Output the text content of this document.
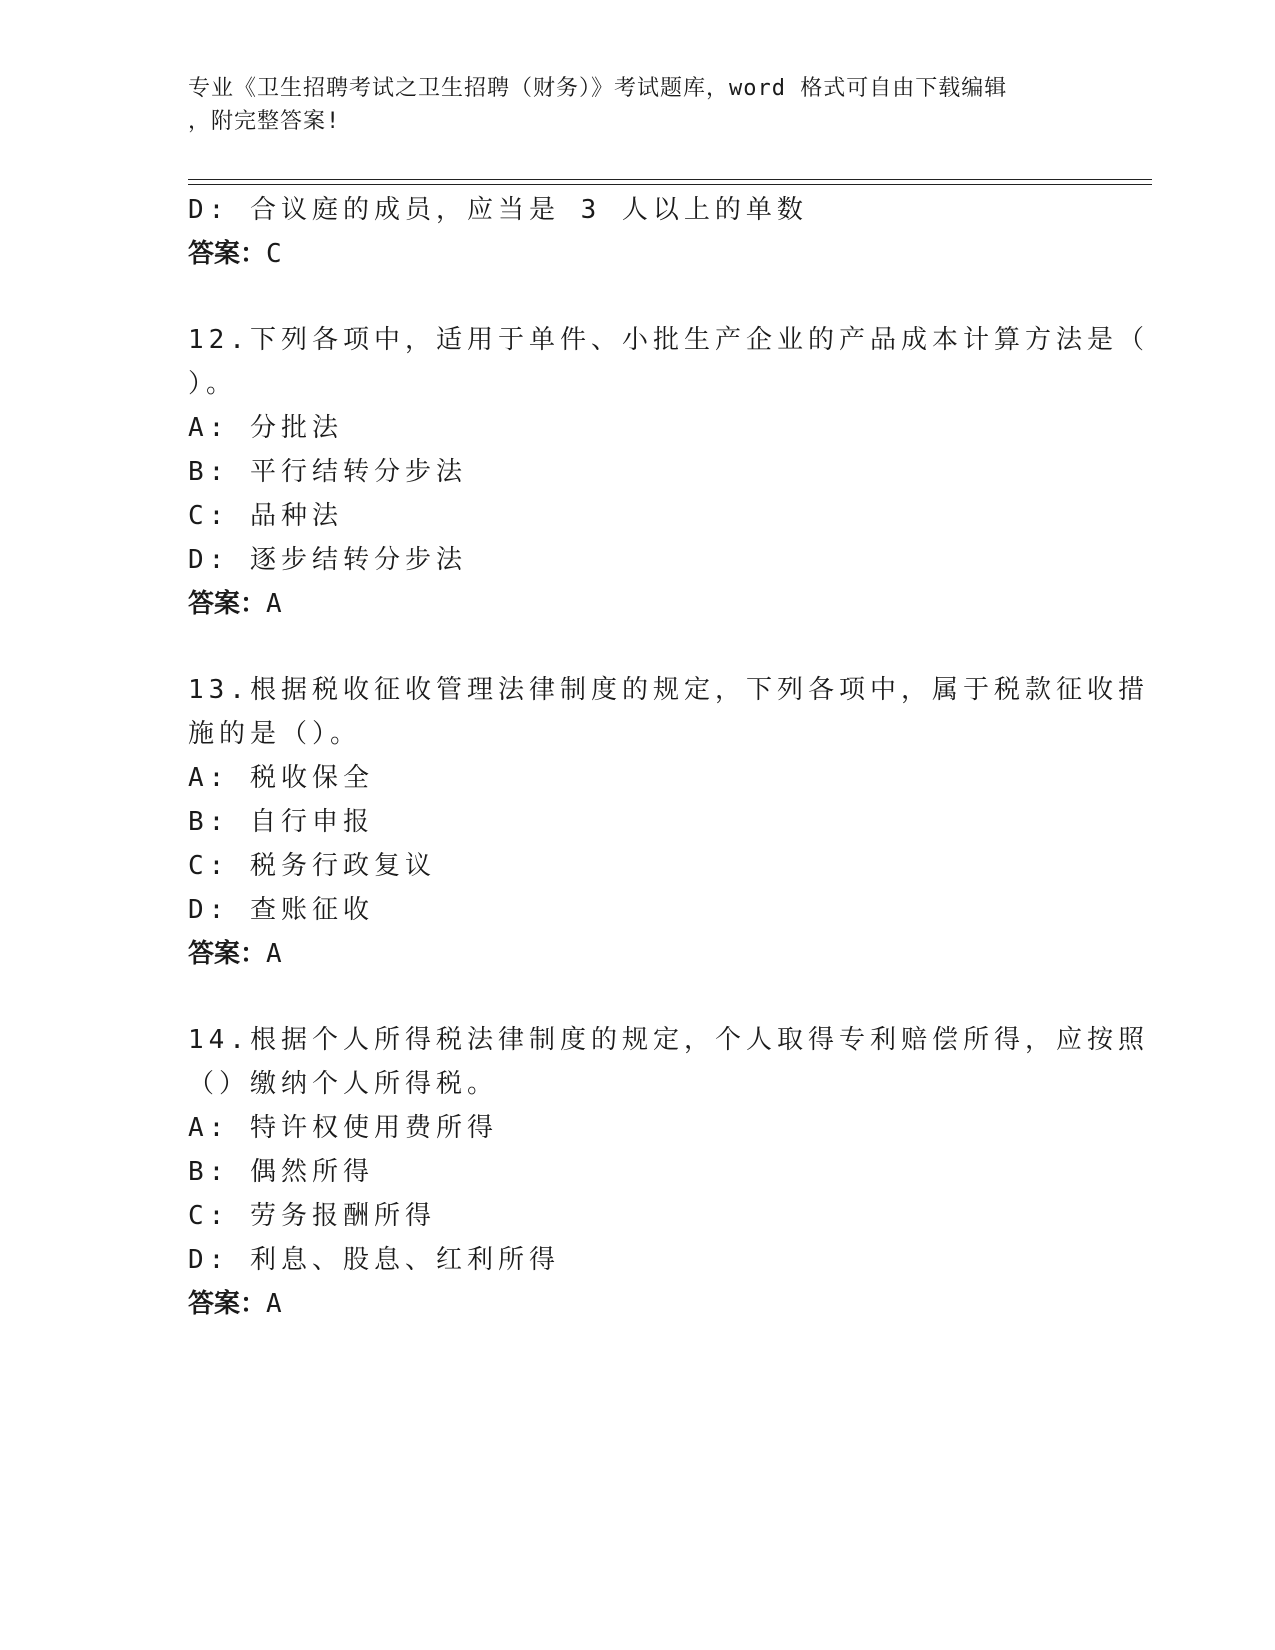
专业《卫生招聘考试之卫生招聘（财务）》考试题库，word 格式可自由下载编辑
，附完整答案!
D: 合议庭的成员，应当是 3 人以上的单数
答案：C
12.下列各项中，适用于单件、小批生产企业的产品成本计算方法是（
）。
A: 分批法
B: 平行结转分步法
C: 品种法
D: 逐步结转分步法
答案：A
13.根据税收征收管理法律制度的规定，下列各项中，属于税款征收措
施的是（）。
A: 税收保全
B: 自行申报
C: 税务行政复议
D: 查账征收
答案：A
14.根据个人所得税法律制度的规定，个人取得专利赔偿所得，应按照
（）缴纳个人所得税。
A: 特许权使用费所得
B: 偶然所得
C: 劳务报酬所得
D: 利息、股息、红利所得
答案：A
